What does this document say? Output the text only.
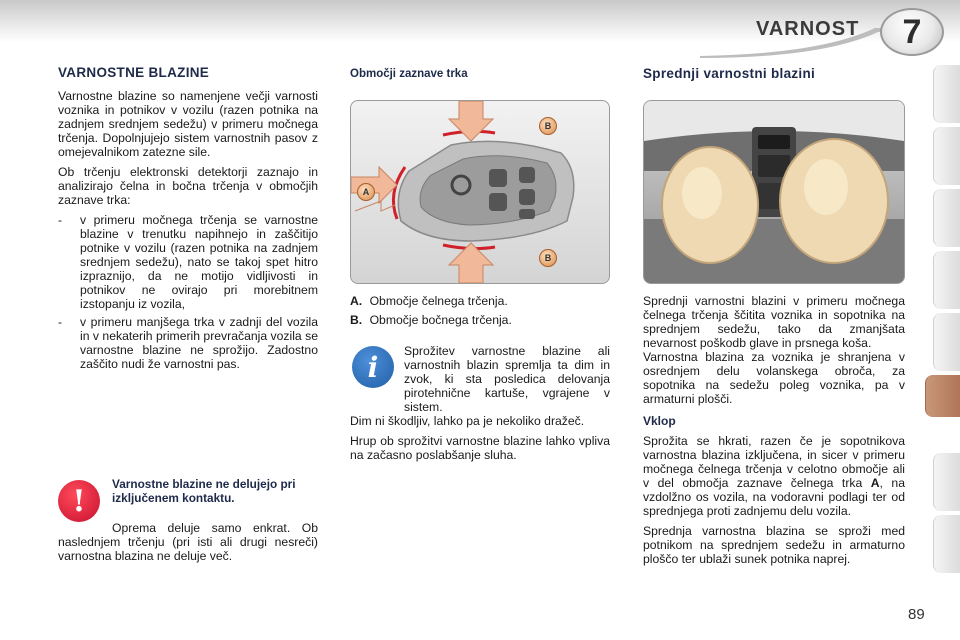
VARNOST	7
VARNOSTNE BLAZINE

Varnostne blazine so namenjene večji varnosti voznika in potnikov v vozilu (razen potnika na zadnjem srednjem sedežu) v primeru močnega trčenja. Dopolnjujejo sistem varnostnih pasov z omejevalnikom zatezne sile.

Ob trčenju elektronski detektorji zaznajo in analizirajo čelna in bočna trčenja v območjih zaznave trka:

-	v primeru močnega trčenja se varnostne blazine v trenutku napihnejo in zaščitijo potnike v vozilu (razen potnika na zadnjem srednjem sedežu), nato se takoj spet hitro izpraznijo, da ne motijo vidljivosti in potnikov ne ovirajo pri morebitnem izstopanju iz vozila,
-	v primeru manjšega trka v zadnji del vozila in v nekaterih primerih prevračanja vozila se varnostne blazine ne sprožijo. Zadostno zaščito nudi že varnostni pas.
!	Varnostne blazine ne delujejo pri izklјučenem kontaktu.

Oprema deluje samo enkrat. Ob naslednjem trčenju (pri isti ali drugi nesreči) varnostna blazina ne deluje več.

Območji zaznave trka
B
A
B
A. Območje čelnega trčenja.
B. Območje bočnega trčenja.
i	Sprožitev varnostne blazine ali varnostnih blazin spremlja ta dim in zvok, ki sta posledica delovanja pirotehnične kartuše, vgrajene v sistem.

Dim ni škodljiv, lahko pa je nekoliko dražeč.

Hrup ob sprožitvi varnostne blazine lahko vpliva na začasno poslabšanje sluha.

Sprednji varnostni blazini

Sprednji varnostni blazini v primeru močnega čelnega trčenja ščitita voznika in sopotnika na sprednjem sedežu, tako da zmanjšata nevarnost poškodb glave in prsnega koša.

Varnostna blazina za voznika je shranjena v osrednjem delu volanskega obroča, za sopotnika na sedežu poleg voznika, pa v armaturni plošči.

Vklop

Sprožita se hkrati, razen če je sopotnikova varnostna blazina izključena, in sicer v primeru močnega čelnega trčenja v celotno območje ali v del območja zaznave čelnega trka A, na vzdolžno os vozila, na vodoravni podlagi ter od sprednjega proti zadnjemu delu vozila.

Sprednja varnostna blazina se sproži med potnikom na sprednjem sedežu in armaturno ploščo ter ublaži sunek potnika naprej.

89
